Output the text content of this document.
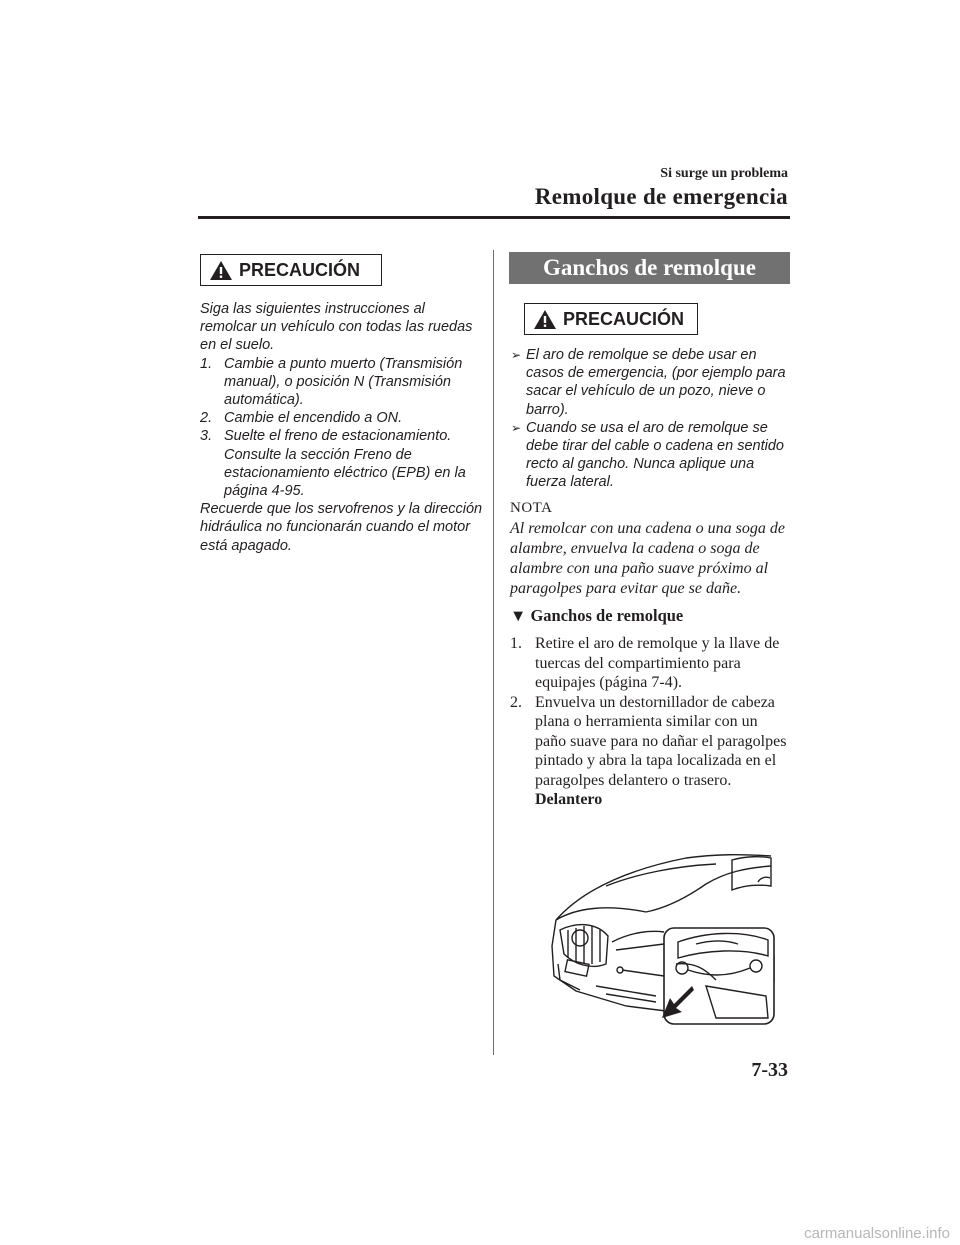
Si surge un problema
Remolque de emergencia
PRECAUCIÓN

Siga las siguientes instrucciones al remolcar un vehículo con todas las ruedas en el suelo.

1. Cambie a punto muerto (Transmisión manual), o posición N (Transmisión automática).
2. Cambie el encendido a ON.
3. Suelte el freno de estacionamiento. Consulte la sección Freno de estacionamiento eléctrico (EPB) en la página 4-95.

Recuerde que los servofrenos y la dirección hidráulica no funcionarán cuando el motor está apagado.

Ganchos de remolque
PRECAUCIÓN
➢ El aro de remolque se debe usar en casos de emergencia, (por ejemplo para sacar el vehículo de un pozo, nieve o barro).
➢ Cuando se usa el aro de remolque se debe tirar del cable o cadena en sentido recto al gancho. Nunca aplique una fuerza lateral.
NOTA
Al remolcar con una cadena o una soga de alambre, envuelva la cadena o soga de alambre con una paño suave próximo al paragolpes para evitar que se dañe.
▼ Ganchos de remolque
1. Retire el aro de remolque y la llave de tuercas del compartimiento para equipajes (página 7-4).
2. Envuelva un destornillador de cabeza plana o herramienta similar con un paño suave para no dañar el paragolpes pintado y abra la tapa localizada en el paragolpes delantero o trasero.
Delantero
7-33
carmanualsonline.info
